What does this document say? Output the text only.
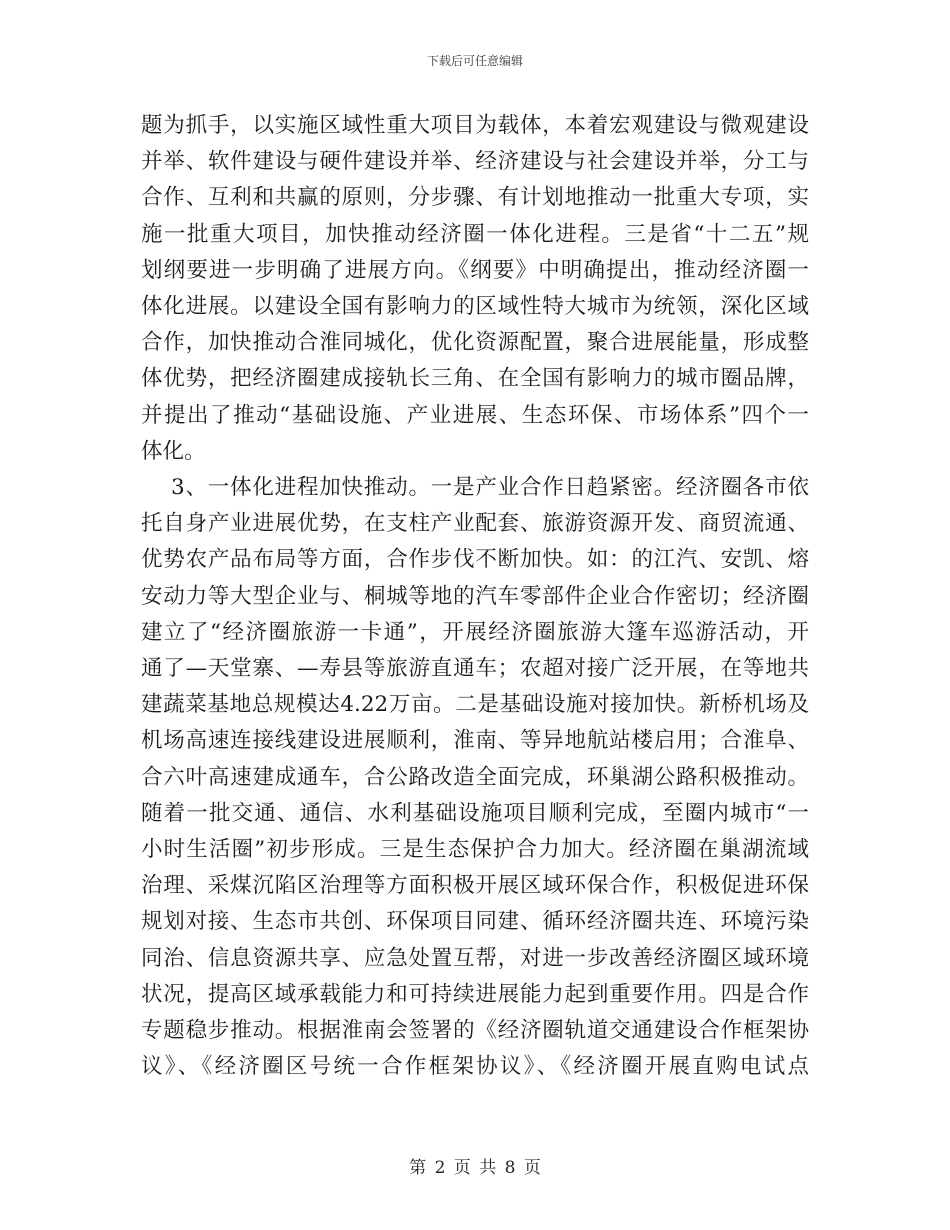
下载后可任意编辑
题为抓手，以实施区域性重大项目为载体，本着宏观建设与微观建设
并举、软件建设与硬件建设并举、经济建设与社会建设并举，分工与
合作、互利和共赢的原则，分步骤、有计划地推动一批重大专项，实
施一批重大项目，加快推动经济圈一体化进程。三是省“十二五”规
划纲要进一步明确了进展方向。《纲要》中明确提出，推动经济圈一
体化进展。以建设全国有影响力的区域性特大城市为统领，深化区域
合作，加快推动合淮同城化，优化资源配置，聚合进展能量，形成整
体优势，把经济圈建成接轨长三角、在全国有影响力的城市圈品牌，
并提出了推动“基础设施、产业进展、生态环保、市场体系”四个一
体化。
3、一体化进程加快推动。一是产业合作日趋紧密。经济圈各市依
托自身产业进展优势，在支柱产业配套、旅游资源开发、商贸流通、
优势农产品布局等方面，合作步伐不断加快。如：的江汽、安凯、熔
安动力等大型企业与、桐城等地的汽车零部件企业合作密切；经济圈
建立了“经济圈旅游一卡通”，开展经济圈旅游大篷车巡游活动，开
通了—天堂寨、—寿县等旅游直通车；农超对接广泛开展，在等地共
建蔬菜基地总规模达4.22万亩。二是基础设施对接加快。新桥机场及
机场高速连接线建设进展顺利，淮南、等异地航站楼启用；合淮阜、
合六叶高速建成通车，合公路改造全面完成，环巢湖公路积极推动。
随着一批交通、通信、水利基础设施项目顺利完成，至圈内城市“一
小时生活圈”初步形成。三是生态保护合力加大。经济圈在巢湖流域
治理、采煤沉陷区治理等方面积极开展区域环保合作，积极促进环保
规划对接、生态市共创、环保项目同建、循环经济圈共连、环境污染
同治、信息资源共享、应急处置互帮，对进一步改善经济圈区域环境
状况，提高区域承载能力和可持续进展能力起到重要作用。四是合作
专题稳步推动。根据淮南会签署的《经济圈轨道交通建设合作框架协
议》、《经济圈区号统一合作框架协议》、《经济圈开展直购电试点
第 2 页 共 8 页
